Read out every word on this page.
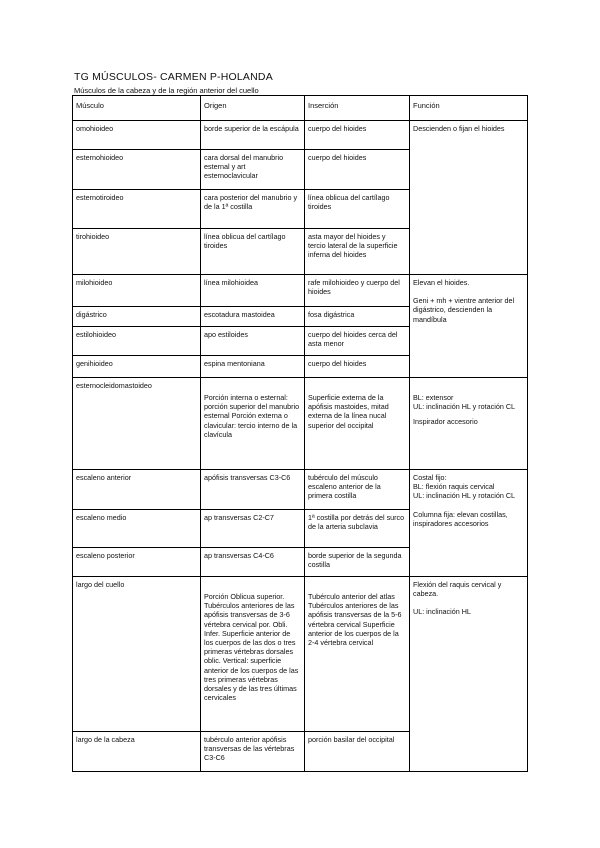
TG MÚSCULOS- CARMEN P-HOLANDA
Músculos de la cabeza y de la región anterior del cuello
Músculo	Origen	Inserción	Función
omohioideo	borde superior de la escápula	cuerpo del hioides	Descienden o fijan el hioides
esternohioideo	cara dorsal del manubrio esternal y art esternoclavicular	cuerpo del hioides	
esternotiroideo	cara posterior del manubrio y de la 1ª costilla	línea oblicua del cartílago tiroides	
tirohioideo	línea oblicua del cartílago tiroides	asta mayor del hioides y tercio lateral de la superficie inferna del hioides	
milohioideo	línea milohioidea	rafe milohioideo y cuerpo del hioides	Elevan el hioides.
Geni + mh + vientre anterior del digástrico, descienden la mandíbula
digástrico	escotadura mastoidea	fosa digástrica	
estilohioideo	apo estiloides	cuerpo del hioides cerca del asta menor	
genihioideo	espina mentoniana	cuerpo del hioides	
esternocleidomastoideo	Porción interna o esternal: porción superior del manubrio esternal Porción externa o clavicular: tercio interno de la clavícula	Superficie externa de la apófisis mastoides, mitad externa de la línea nucal superior del occipital	BL: extensor
UL: inclinación HL y rotación CL
Inspirador accesorio

escaleno anterior	apófisis transversas C3-C6	tubérculo del músculo escaleno anterior de la primera costilla	Costal fijo:
BL: flexión raquis cervical
UL: inclinación HL y rotación CL
Columna fija: elevan costillas, inspiradores accesorios

escaleno medio	ap transversas C2-C7	1ª costilla por detrás del surco de la arteria subclavia	
escaleno posterior	ap transversas C4-C6	borde superior de la segunda costilla	
largo del cuello	Porción Oblicua superior. Tubérculos anteriores de las apófisis transversas de 3-6 vértebra cervical por. Obli. Infer. Superficie anterior de los cuerpos de las dos o tres primeras vértebras dorsales oblic. Vertical: superficie anterior de los cuerpos de las tres primeras vértebras dorsales y de las tres últimas cervicales	Tubérculo anterior del atlas Tubérculos anteriores de las apófisis transversas de la 5-6 vértebra cervical Superficie anterior de los cuerpos de la 2-4 vértebra cervical	Flexión del raquis cervical y cabeza.
UL: inclinación HL

largo de la cabeza	tubérculo anterior apófisis transversas de las vértebras C3-C6	porción basilar del occipital	
